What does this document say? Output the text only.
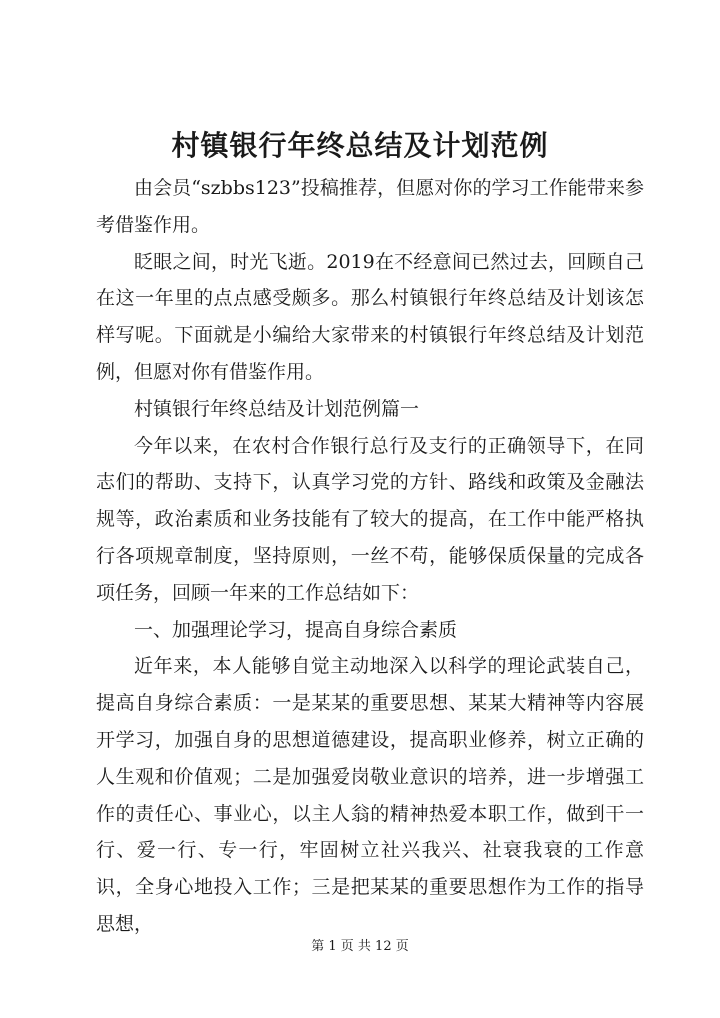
村镇银行年终总结及计划范例

由会员“szbbs123”投稿推荐，但愿对你的学习工作能带来参考借鉴作用。

眨眼之间，时光飞逝。2019在不经意间已然过去，回顾自己在这一年里的点点感受颇多。那么村镇银行年终总结及计划该怎样写呢。下面就是小编给大家带来的村镇银行年终总结及计划范例，但愿对你有借鉴作用。

村镇银行年终总结及计划范例篇一

今年以来，在农村合作银行总行及支行的正确领导下，在同志们的帮助、支持下，认真学习党的方针、路线和政策及金融法规等，政治素质和业务技能有了较大的提高，在工作中能严格执行各项规章制度，坚持原则，一丝不苟，能够保质保量的完成各项任务，回顾一年来的工作总结如下：

一、加强理论学习，提高自身综合素质

近年来，本人能够自觉主动地深入以科学的理论武装自己，提高自身综合素质：一是某某的重要思想、某某大精神等内容展开学习，加强自身的思想道德建设，提高职业修养，树立正确的人生观和价值观；二是加强爱岗敬业意识的培养，进一步增强工作的责任心、事业心，以主人翁的精神热爱本职工作，做到干一行、爱一行、专一行，牢固树立社兴我兴、社衰我衰的工作意识，全身心地投入工作；三是把某某的重要思想作为工作的指导思想，

第 1 页 共 12 页
